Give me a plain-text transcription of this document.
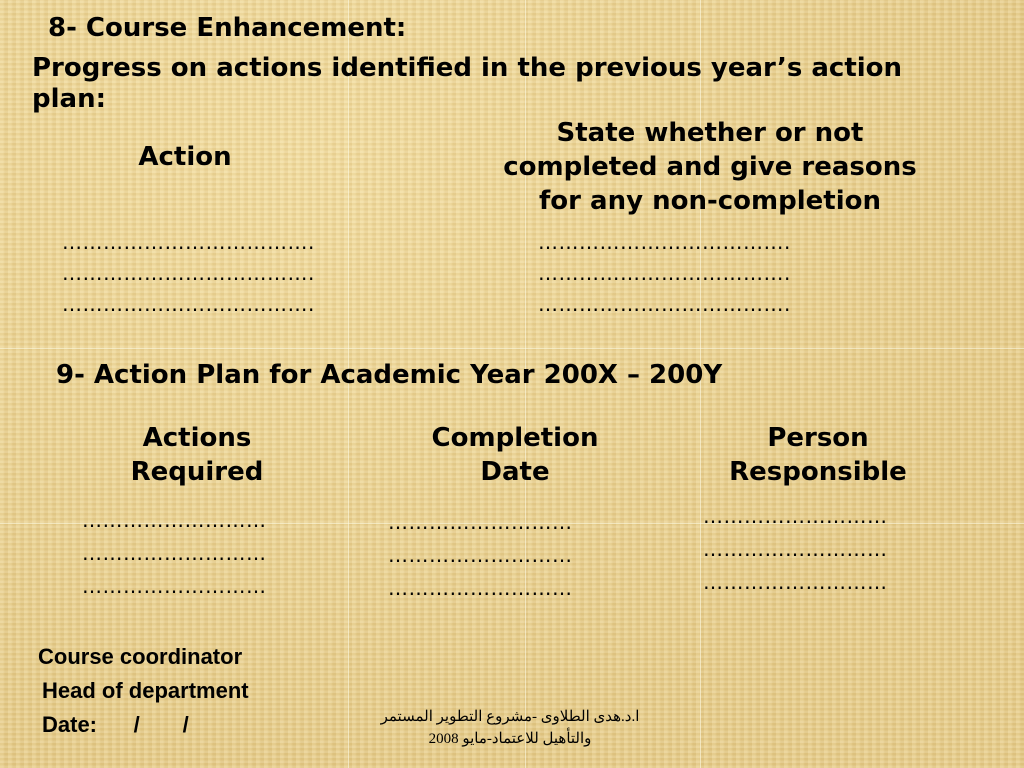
8- Course Enhancement:
Progress on actions identified in the previous year’s action
plan:
Action
State whether or not
completed and give reasons
for any non-completion
……………………………….
……………………………….
……………………………….
……………………………….
……………………………….
……………………………….
9- Action Plan for Academic Year 200X – 200Y
Actions
Required
Completion
Date
Person
Responsible
………………………
………………………
………………………
………………………
………………………
………………………
………………………
………………………
………………………
Course coordinator
Head of department
Date:      /       /	ا.د.هدى الطلاوى -مشروع التطوير المستمر
والتأهيل للاعتماد-مايو 2008
